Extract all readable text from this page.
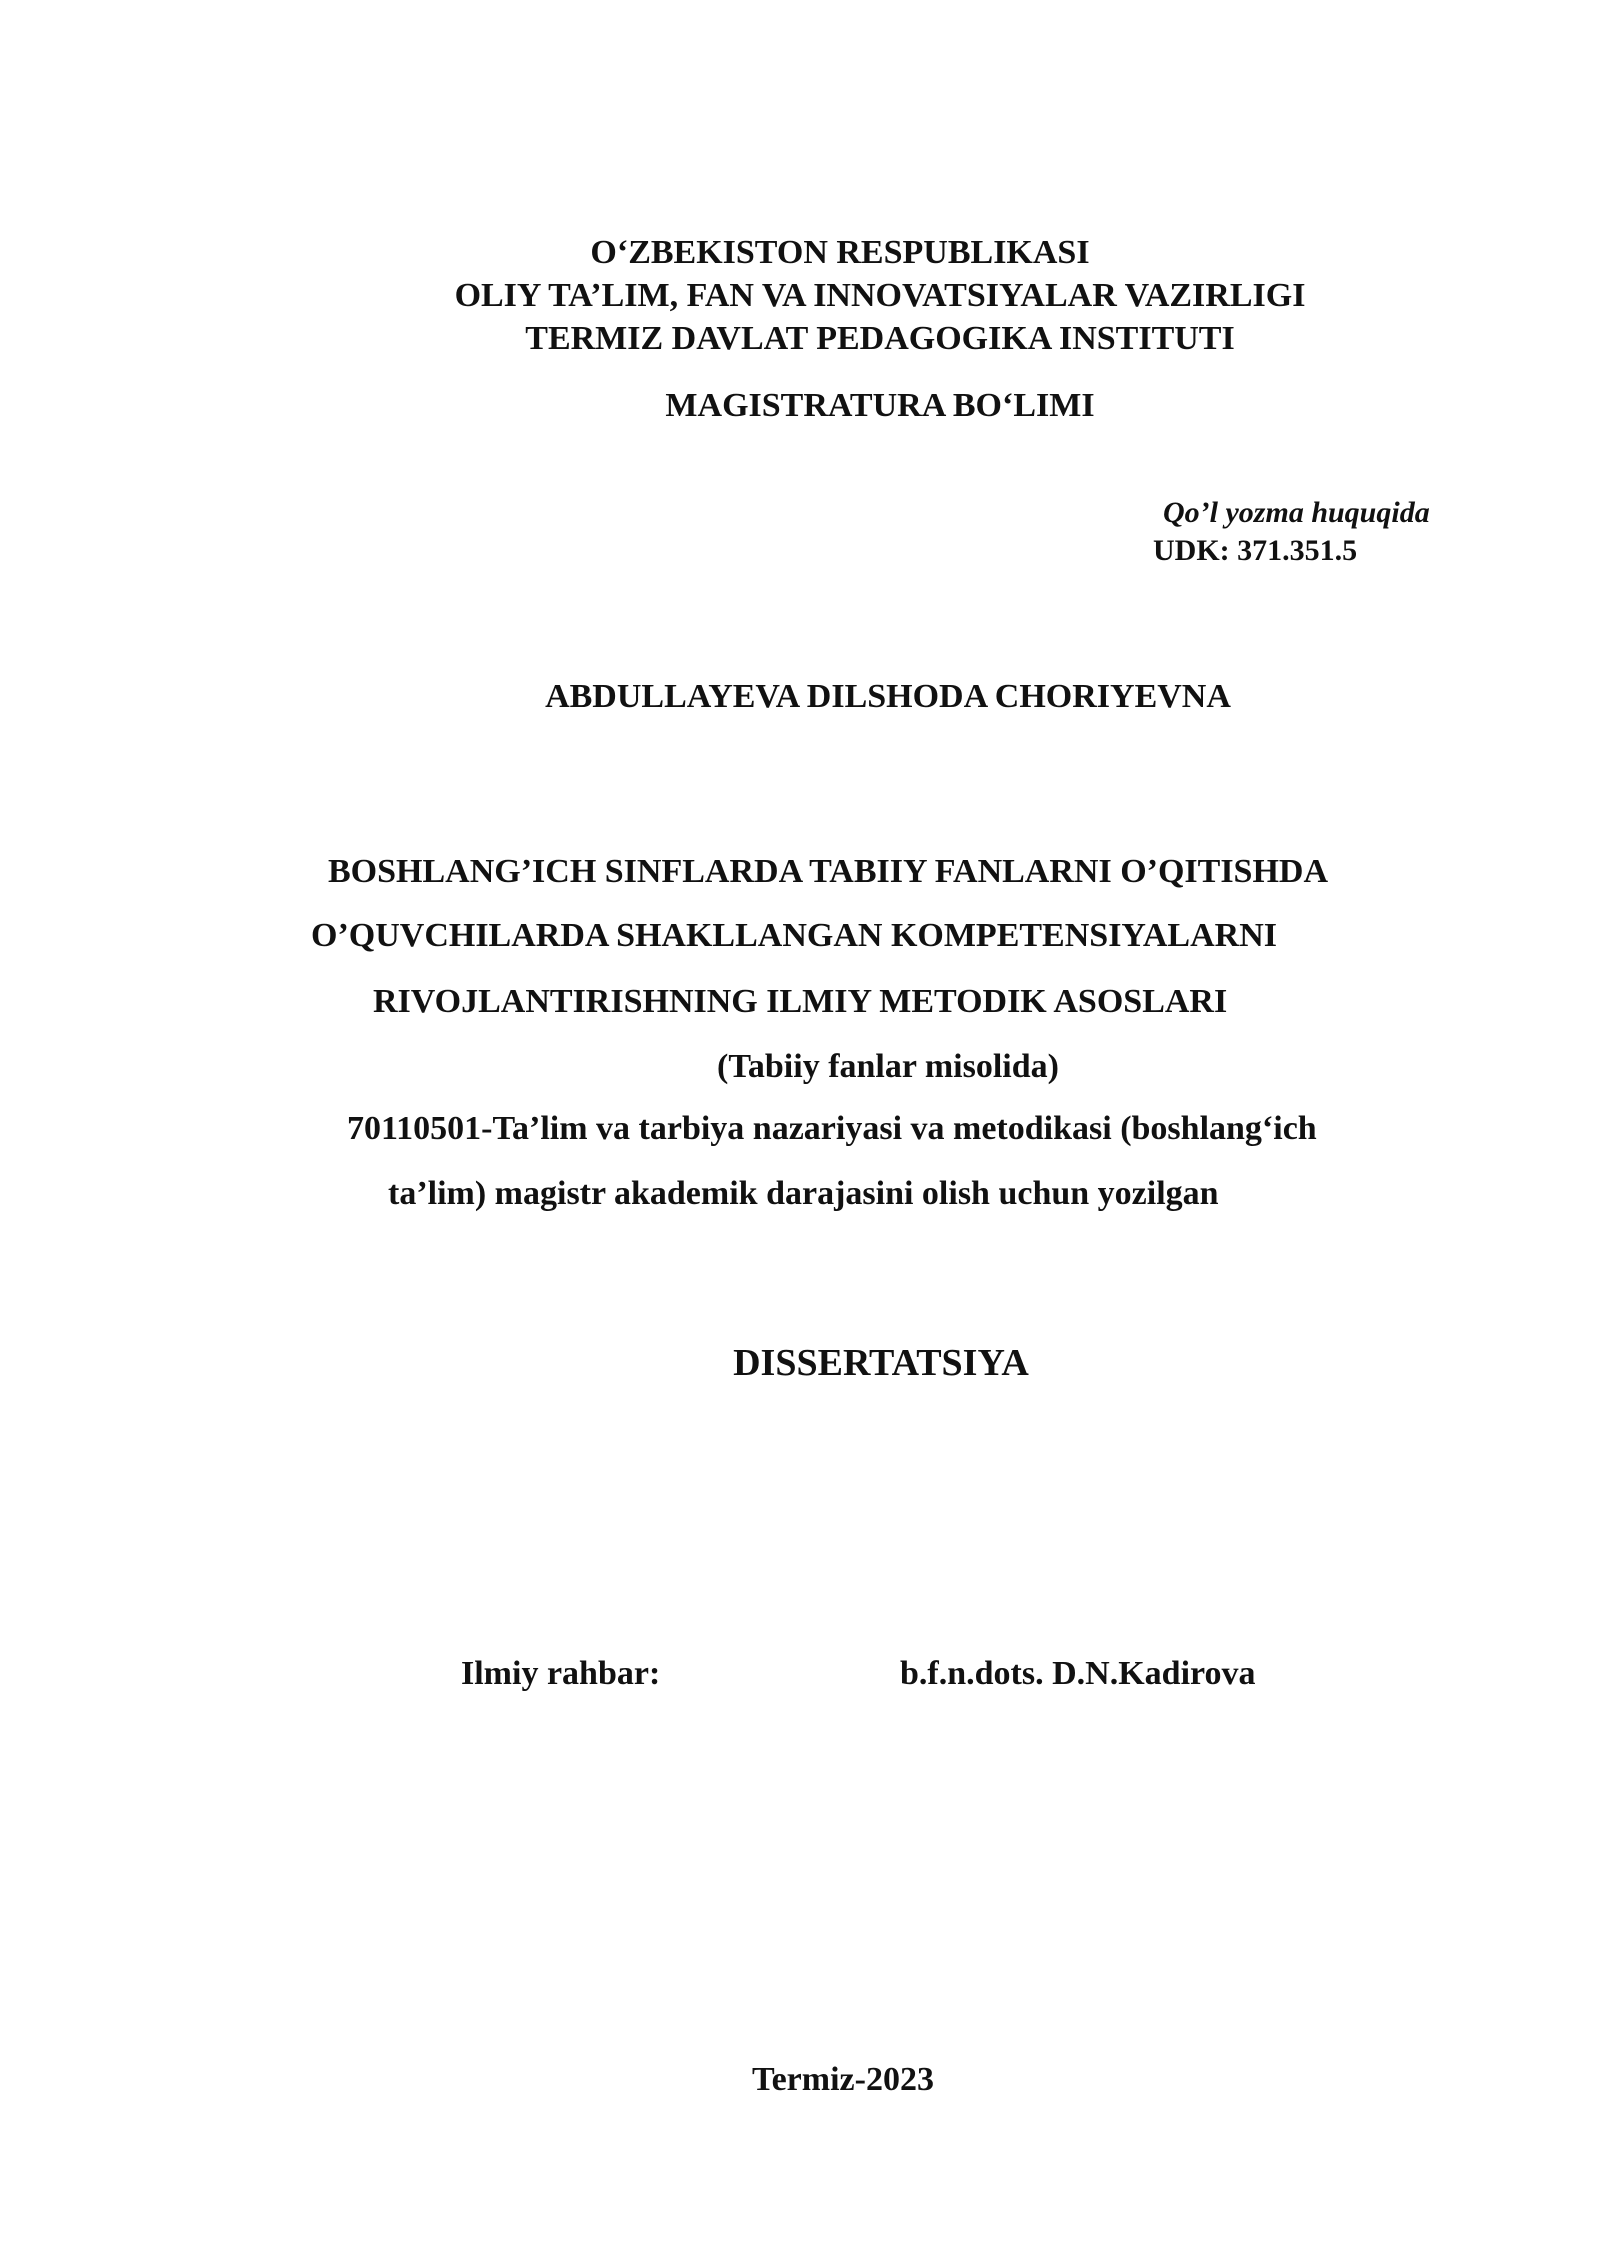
O‘ZBEKISTON RESPUBLIKASI
OLIY TA’LIM, FAN VA INNOVATSIYALAR VAZIRLIGI
TERMIZ DAVLAT PEDAGOGIKA INSTITUTI
MAGISTRATURA BO‘LIMI
Qo’l yozma huquqida
UDK: 371.351.5
ABDULLAYEVA DILSHODA CHORIYEVNA
BOSHLANG’ICH SINFLARDA TABIIY FANLARNI O’QITISHDA
O’QUVCHILARDA SHAKLLANGAN KOMPETENSIYALARNI
RIVOJLANTIRISHNING ILMIY METODIK ASOSLARI
(Tabiiy fanlar misolida)
70110501-Ta’lim va tarbiya nazariyasi va metodikasi (boshlang‘ich
ta’lim) magistr akademik darajasini olish uchun yozilgan
DISSERTATSIYA
Ilmiy rahbar:	b.f.n.dots. D.N.Kadirova
Termiz-2023
